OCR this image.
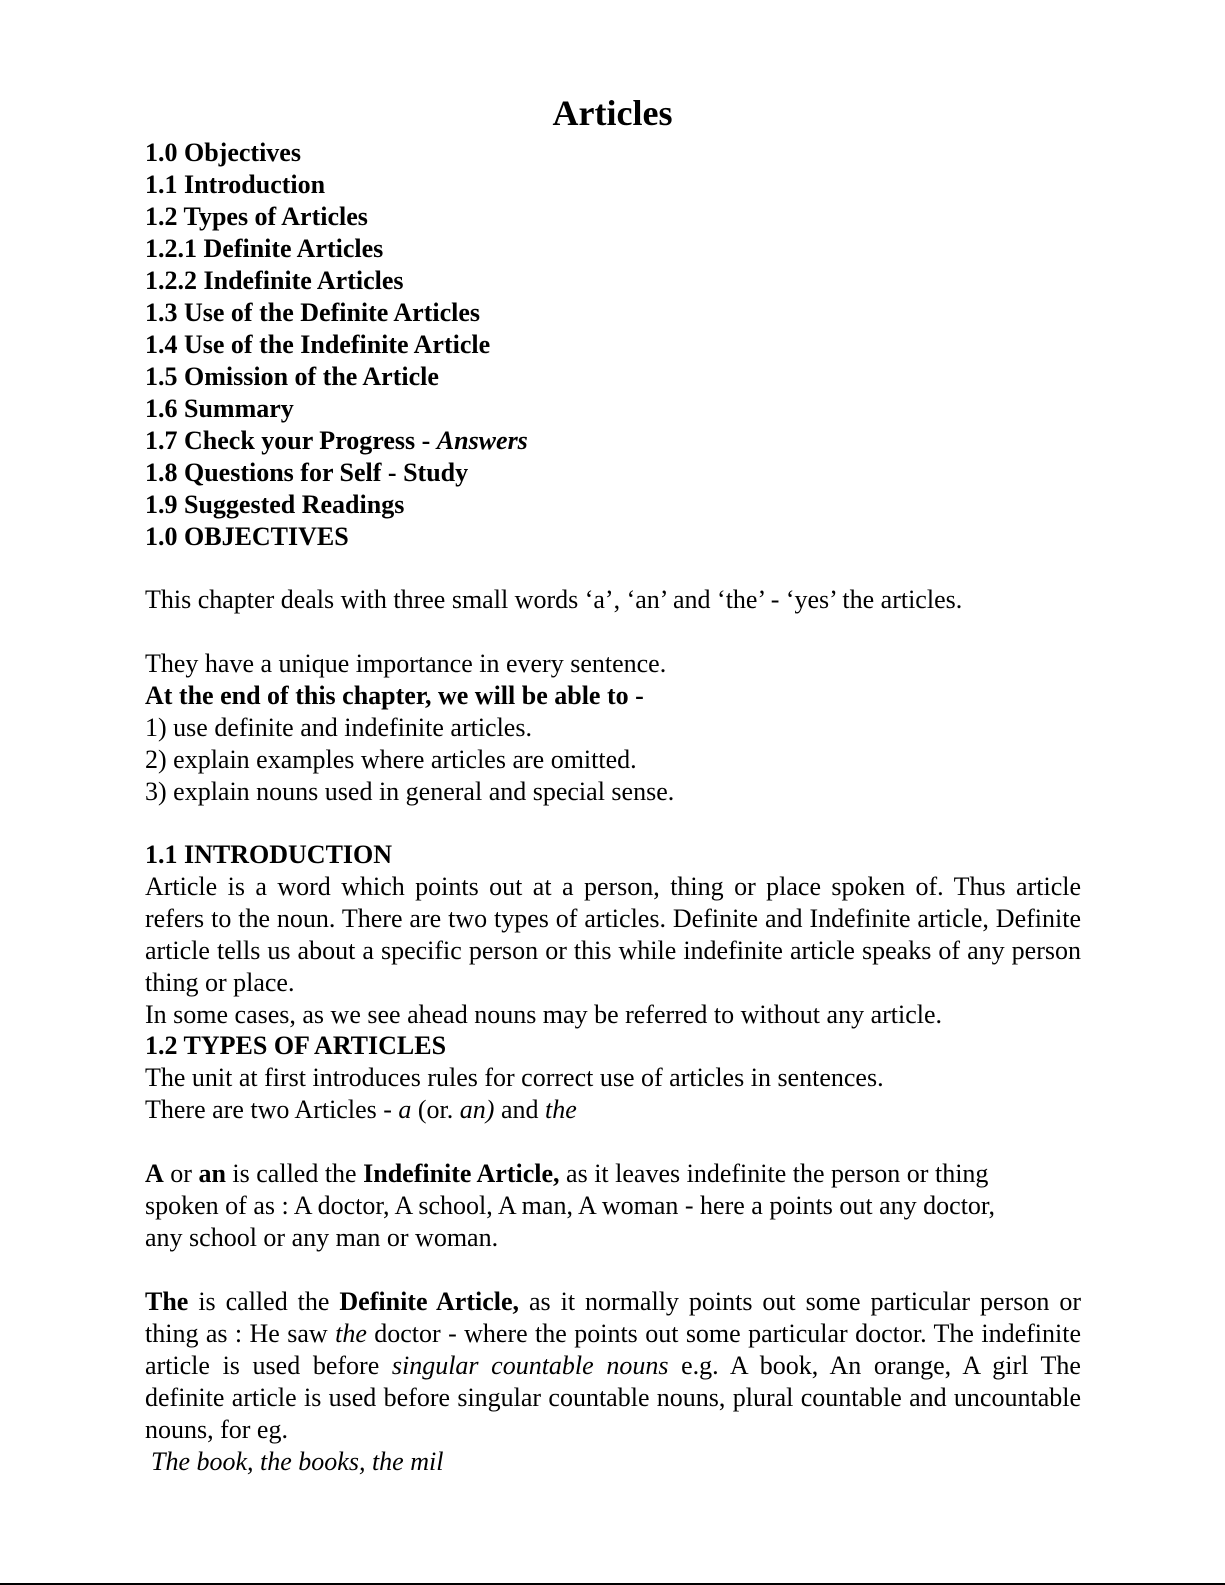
Articles
1.0 Objectives
1.1 Introduction
1.2 Types of Articles
1.2.1 Definite Articles
1.2.2 Indefinite Articles
1.3 Use of the Definite Articles
1.4 Use of the Indefinite Article
1.5 Omission of the Article
1.6 Summary
1.7 Check your Progress - Answers
1.8 Questions for Self - Study
1.9 Suggested Readings
1.0 OBJECTIVES
This chapter deals with three small words ‘a’, ‘an’ and ‘the’ - ‘yes’ the articles.
They have a unique importance in every sentence.
At the end of this chapter, we will be able to -
1) use definite and indefinite articles.
2) explain examples where articles are omitted.
3) explain nouns used in general and special sense.
1.1 INTRODUCTION
Article is a word which points out at a person, thing or place spoken of. Thus article refers to the noun. There are two types of articles. Definite and Indefinite article, Definite article tells us about a specific person or this while indefinite article speaks of any person thing or place.
In some cases, as we see ahead nouns may be referred to without any article.
1.2 TYPES OF ARTICLES
The unit at first introduces rules for correct use of articles in sentences.
There are two Articles - a (or. an) and the
A or an is called the Indefinite Article, as it leaves indefinite the person or thing
spoken of as : A doctor, A school, A man, A woman - here a points out any doctor,
any school or any man or woman.
The is called the Definite Article, as it normally points out some particular person or thing as : He saw the doctor - where the points out some particular doctor. The indefinite article is used before singular countable nouns e.g. A book, An orange, A girl The definite article is used before singular countable nouns, plural countable and uncountable nouns, for eg.
The book, the books, the mil
